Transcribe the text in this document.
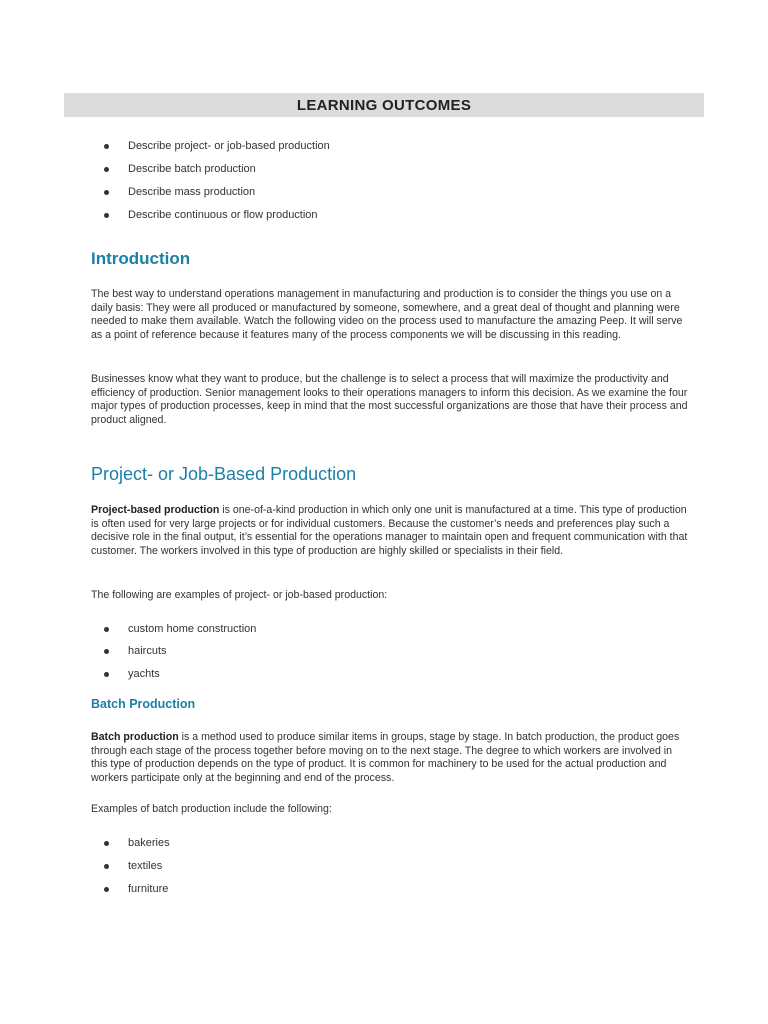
LEARNING OUTCOMES
Describe project- or job-based production
Describe batch production
Describe mass production
Describe continuous or flow production
Introduction

The best way to understand operations management in manufacturing and production is to consider the things you use on a daily basis: They were all produced or manufactured by someone, somewhere, and a great deal of thought and planning were needed to make them available. Watch the following video on the process used to manufacture the amazing Peep. It will serve as a point of reference because it features many of the process components we will be discussing in this reading.

Businesses know what they want to produce, but the challenge is to select a process that will maximize the productivity and efficiency of production. Senior management looks to their operations managers to inform this decision. As we examine the four major types of production processes, keep in mind that the most successful organizations are those that have their process and product aligned.

Project- or Job-Based Production

Project-based production is one-of-a-kind production in which only one unit is manufactured at a time. This type of production is often used for very large projects or for individual customers. Because the customer’s needs and preferences play such a decisive role in the final output, it’s essential for the operations manager to maintain open and frequent communication with that customer. The workers involved in this type of production are highly skilled or specialists in their field.

The following are examples of project- or job-based production:

custom home construction
haircuts
yachts
Batch Production

Batch production is a method used to produce similar items in groups, stage by stage. In batch production, the product goes through each stage of the process together before moving on to the next stage. The degree to which workers are involved in this type of production depends on the type of product. It is common for machinery to be used for the actual production and workers participate only at the beginning and end of the process.

Examples of batch production include the following:

bakeries
textiles
furniture
